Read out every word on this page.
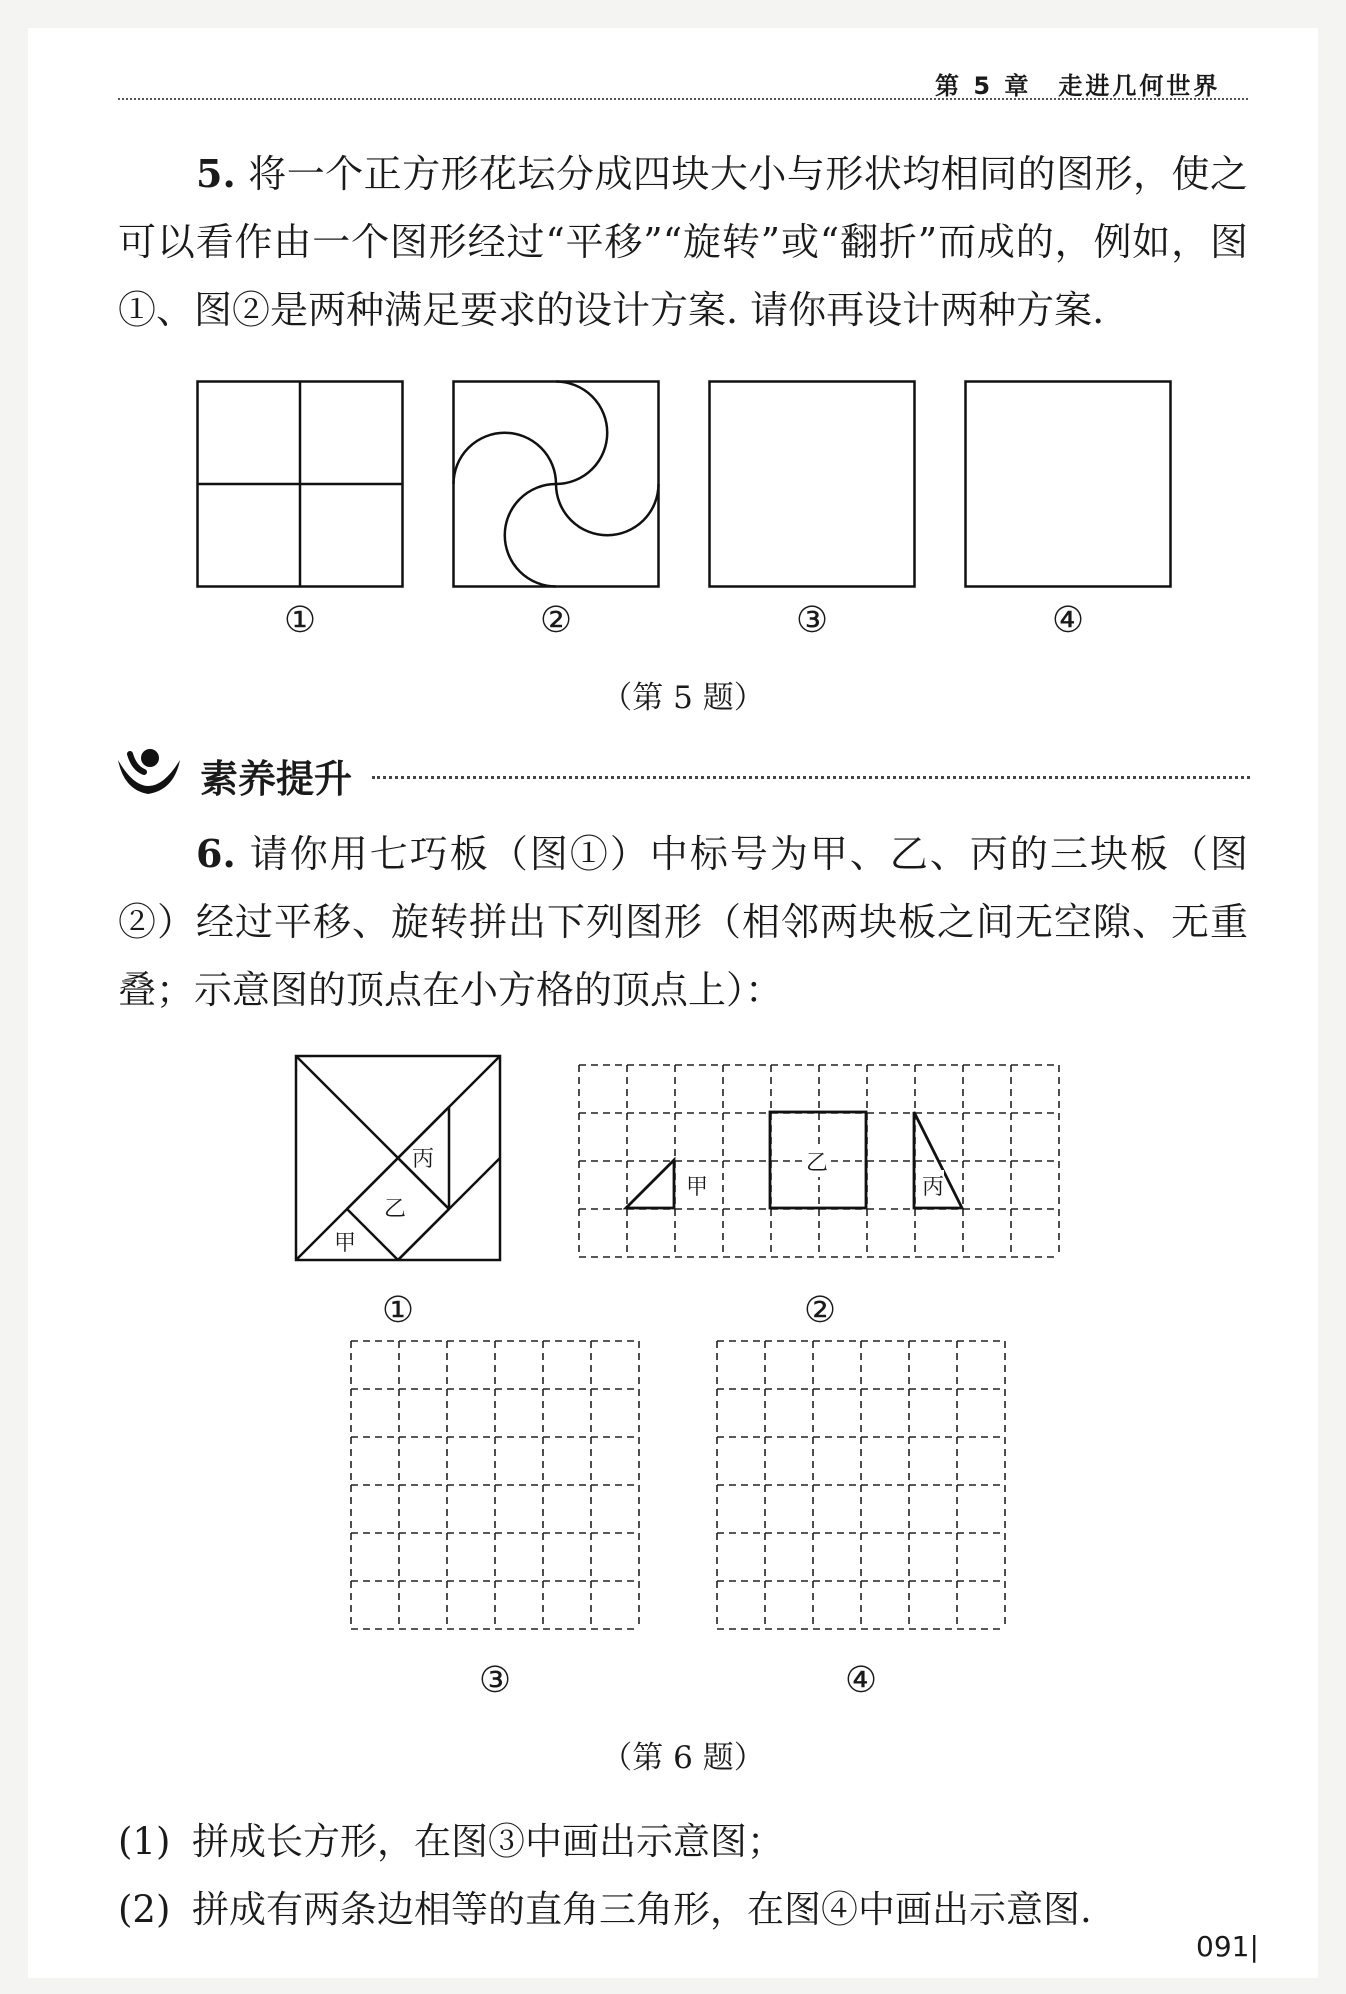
第 5 章　走进几何世界
5. 将一个正方形花坛分成四块大小与形状均相同的图形，使之可以看作由一个图形经过“平移”“旋转”或“翻折”而成的，例如，图①、图②是两种满足要求的设计方案. 请你再设计两种方案.
①	②	③	④
（第 5 题）
素养提升
6. 请你用七巧板（图①）中标号为甲、乙、丙的三块板（图②）经过平移、旋转拼出下列图形（相邻两块板之间无空隙、无重叠；示意图的顶点在小方格的顶点上）：
丙
乙
甲
甲
乙
丙
①	②
③	④
（第 6 题）
(1) 拼成长方形，在图③中画出示意图；
(2) 拼成有两条边相等的直角三角形，在图④中画出示意图.
091|
